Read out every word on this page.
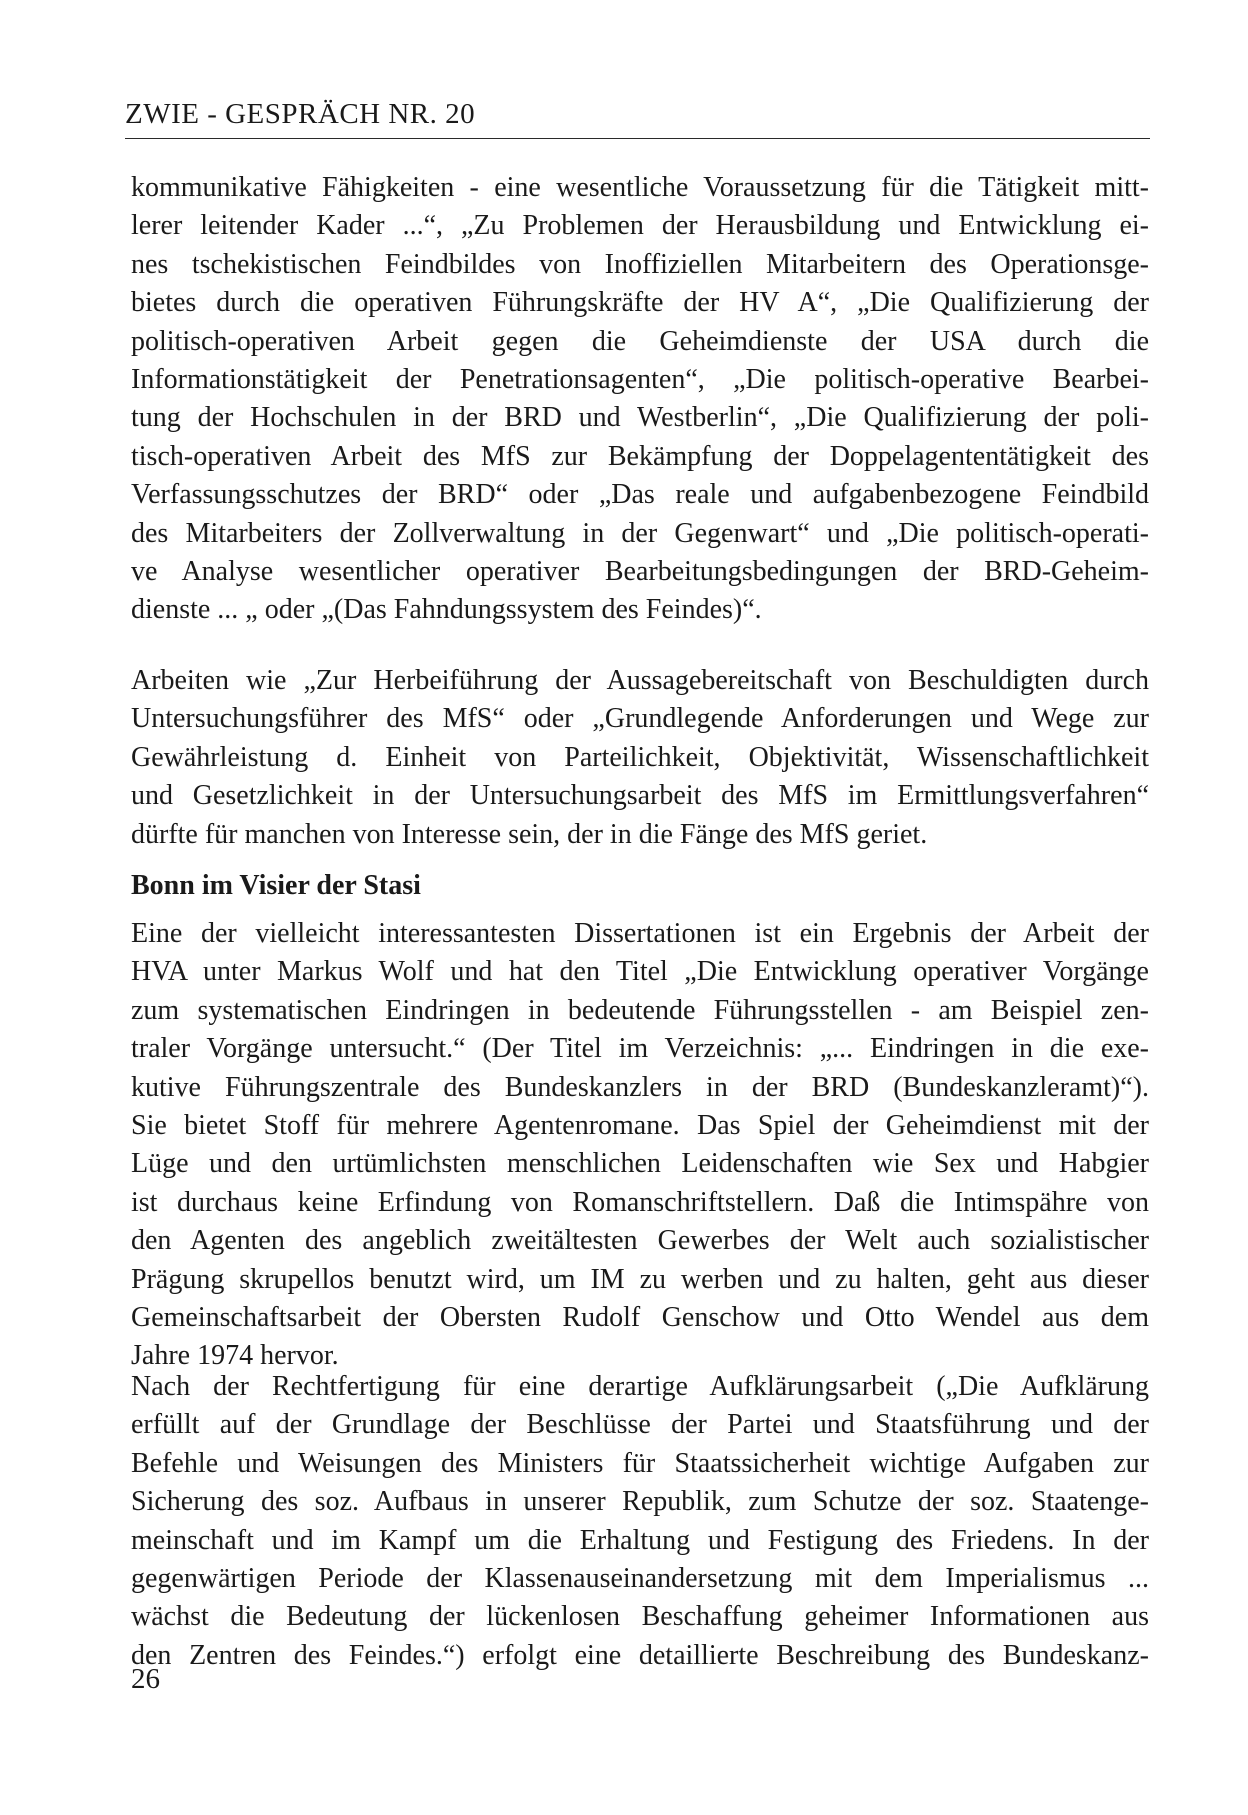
ZWIE - GESPRÄCH NR. 20
kommunikative Fähigkeiten - eine wesentliche Voraussetzung für die Tätigkeit mitt-
lerer leitender Kader ...“, „Zu Problemen der Herausbildung und Entwicklung ei-
nes tschekistischen Feindbildes von Inoffiziellen Mitarbeitern des Operationsge-
bietes durch die operativen Führungskräfte der HV A“, „Die Qualifizierung der
politisch-operativen Arbeit gegen die Geheimdienste der USA durch die
Informationstätigkeit der Penetrationsagenten“, „Die politisch-operative Bearbei-
tung der Hochschulen in der BRD und Westberlin“, „Die Qualifizierung der poli-
tisch-operativen Arbeit des MfS zur Bekämpfung der Doppelagententätigkeit des
Verfassungsschutzes der BRD“ oder „Das reale und aufgabenbezogene Feindbild
des Mitarbeiters der Zollverwaltung in der Gegenwart“ und „Die politisch-operati-
ve Analyse wesentlicher operativer Bearbeitungsbedingungen der BRD-Geheim-
dienste ... „ oder „(Das Fahndungssystem des Feindes)“.
Arbeiten wie „Zur Herbeiführung der Aussagebereitschaft von Beschuldigten durch
Untersuchungsführer des MfS“ oder „Grundlegende Anforderungen und Wege zur
Gewährleistung d. Einheit von Parteilichkeit, Objektivität, Wissenschaftlichkeit
und Gesetzlichkeit in der Untersuchungsarbeit des MfS im Ermittlungsverfahren“
dürfte für manchen von Interesse sein, der in die Fänge des MfS geriet.
Bonn im Visier der Stasi
Eine der vielleicht interessantesten Dissertationen ist ein Ergebnis der Arbeit der
HVA unter Markus Wolf und hat den Titel „Die Entwicklung operativer Vorgänge
zum systematischen Eindringen in bedeutende Führungsstellen - am Beispiel zen-
traler Vorgänge untersucht.“ (Der Titel im Verzeichnis: „... Eindringen in die exe-
kutive Führungszentrale des Bundeskanzlers in der BRD (Bundeskanzleramt)“).
Sie bietet Stoff für mehrere Agentenromane. Das Spiel der Geheimdienst mit der
Lüge und den urtümlichsten menschlichen Leidenschaften wie Sex und Habgier
ist durchaus keine Erfindung von Romanschriftstellern. Daß die Intimspähre von
den Agenten des angeblich zweitältesten Gewerbes der Welt auch sozialistischer
Prägung skrupellos benutzt wird, um IM zu werben und zu halten, geht aus dieser
Gemeinschaftsarbeit der Obersten Rudolf Genschow und Otto Wendel aus dem
Jahre 1974 hervor.
Nach der Rechtfertigung für eine derartige Aufklärungsarbeit („Die Aufklärung
erfüllt auf der Grundlage der Beschlüsse der Partei und Staatsführung und der
Befehle und Weisungen des Ministers für Staatssicherheit wichtige Aufgaben zur
Sicherung des soz. Aufbaus in unserer Republik, zum Schutze der soz. Staatenge-
meinschaft und im Kampf um die Erhaltung und Festigung des Friedens. In der
gegenwärtigen Periode der Klassenauseinandersetzung mit dem Imperialismus ...
wächst die Bedeutung der lückenlosen Beschaffung geheimer Informationen aus
den Zentren des Feindes.“) erfolgt eine detaillierte Beschreibung des Bundeskanz-
26
